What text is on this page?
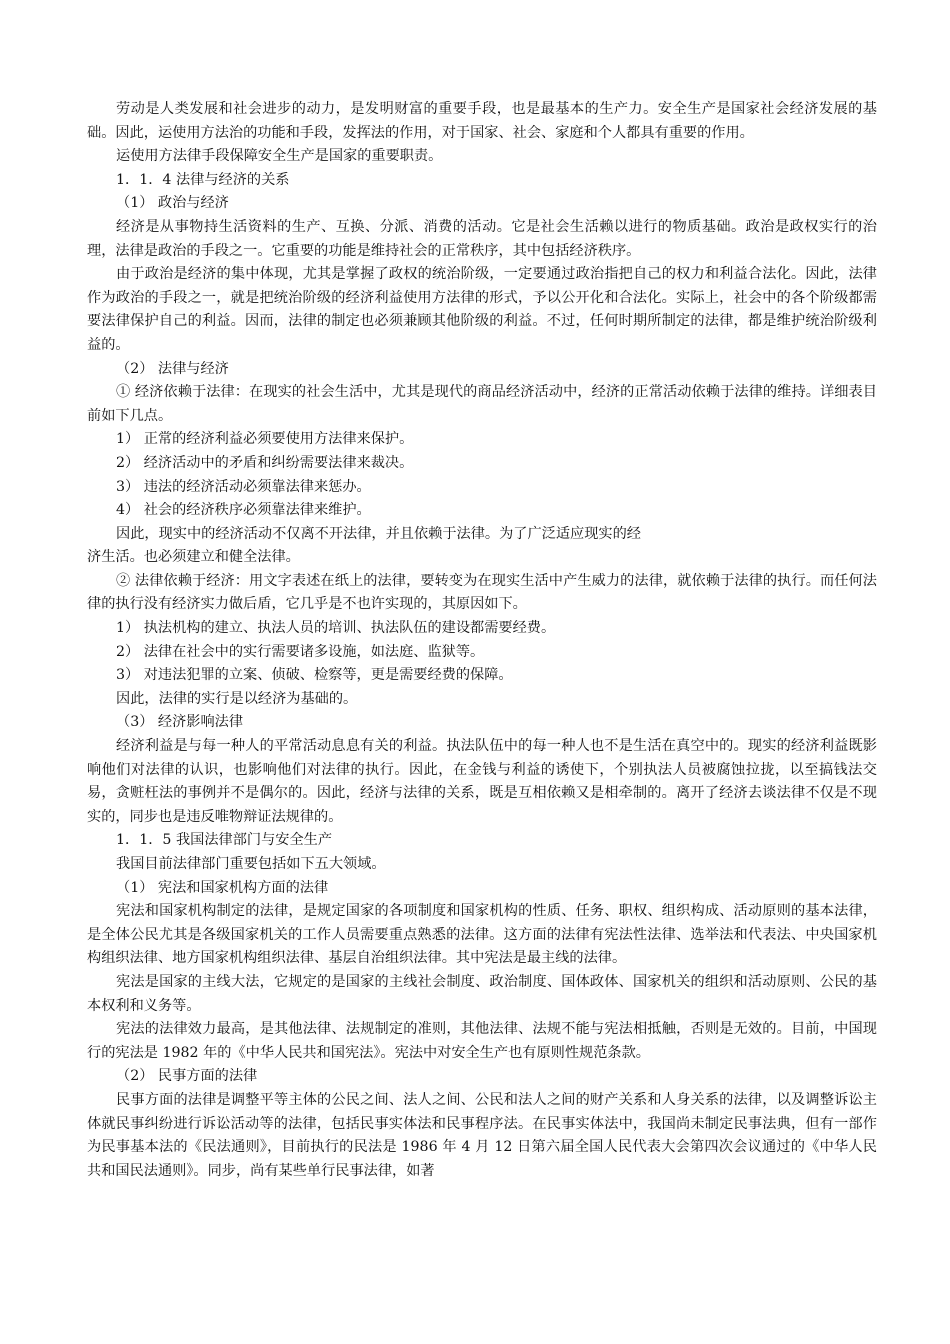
劳动是人类发展和社会进步的动力，是发明财富的重要手段，也是最基本的生产力。安全生产是国家社会经济发展的基础。因此，运使用方法治的功能和手段，发挥法的作用，对于国家、社会、家庭和个人都具有重要的作用。

运使用方法律手段保障安全生产是国家的重要职责。

1．1．4 法律与经济的关系

（1） 政治与经济

经济是从事物持生活资料的生产、互换、分派、消费的活动。它是社会生活赖以进行的物质基础。政治是政权实行的治理，法律是政治的手段之一。它重要的功能是维持社会的正常秩序，其中包括经济秩序。

由于政治是经济的集中体现，尤其是掌握了政权的统治阶级，一定要通过政治指把自己的权力和利益合法化。因此，法律作为政治的手段之一，就是把统治阶级的经济利益使用方法律的形式，予以公开化和合法化。实际上，社会中的各个阶级都需要法律保护自己的利益。因而，法律的制定也必须兼顾其他阶级的利益。不过，任何时期所制定的法律，都是维护统治阶级利益的。

（2） 法律与经济

① 经济依赖于法律：在现实的社会生活中，尤其是现代的商品经济活动中，经济的正常活动依赖于法律的维持。详细表目前如下几点。

1） 正常的经济利益必须要使用方法律来保护。

2） 经济活动中的矛盾和纠纷需要法律来裁决。

3） 违法的经济活动必须靠法律来惩办。

4） 社会的经济秩序必须靠法律来维护。

因此，现实中的经济活动不仅离不开法律，并且依赖于法律。为了广泛适应现实的经

济生活。也必须建立和健全法律。

② 法律依赖于经济：用文字表述在纸上的法律，要转变为在现实生活中产生威力的法律，就依赖于法律的执行。而任何法律的执行没有经济实力做后盾，它几乎是不也许实现的，其原因如下。

1） 执法机构的建立、执法人员的培训、执法队伍的建设都需要经费。

2） 法律在社会中的实行需要诸多设施，如法庭、监狱等。

3） 对违法犯罪的立案、侦破、检察等，更是需要经费的保障。

因此，法律的实行是以经济为基础的。

（3） 经济影响法律

经济利益是与每一种人的平常活动息息有关的利益。执法队伍中的每一种人也不是生活在真空中的。现实的经济利益既影响他们对法律的认识，也影响他们对法律的执行。因此，在金钱与利益的诱使下，个别执法人员被腐蚀拉拢，以至搞钱法交易，贪赃枉法的事例并不是偶尔的。因此，经济与法律的关系，既是互相依赖又是相牵制的。离开了经济去谈法律不仅是不现实的，同步也是违反唯物辩证法规律的。

1．1．5 我国法律部门与安全生产

我国目前法律部门重要包括如下五大领域。

（1） 宪法和国家机构方面的法律

宪法和国家机构制定的法律，是规定国家的各项制度和国家机构的性质、任务、职权、组织构成、活动原则的基本法律，是全体公民尤其是各级国家机关的工作人员需要重点熟悉的法律。这方面的法律有宪法性法律、选举法和代表法、中央国家机构组织法律、地方国家机构组织法律、基层自治组织法律。其中宪法是最主线的法律。

宪法是国家的主线大法，它规定的是国家的主线社会制度、政治制度、国体政体、国家机关的组织和活动原则、公民的基本权利和义务等。

宪法的法律效力最高，是其他法律、法规制定的准则，其他法律、法规不能与宪法相抵触，否则是无效的。目前，中国现行的宪法是 1982 年的《中华人民共和国宪法》。宪法中对安全生产也有原则性规范条款。

（2） 民事方面的法律

民事方面的法律是调整平等主体的公民之间、法人之间、公民和法人之间的财产关系和人身关系的法律，以及调整诉讼主体就民事纠纷进行诉讼活动等的法律，包括民事实体法和民事程序法。在民事实体法中，我国尚未制定民事法典，但有一部作为民事基本法的《民法通则》，目前执行的民法是 1986 年 4 月 12 日第六届全国人民代表大会第四次会议通过的《中华人民共和国民法通则》。同步，尚有某些单行民事法律，如著
